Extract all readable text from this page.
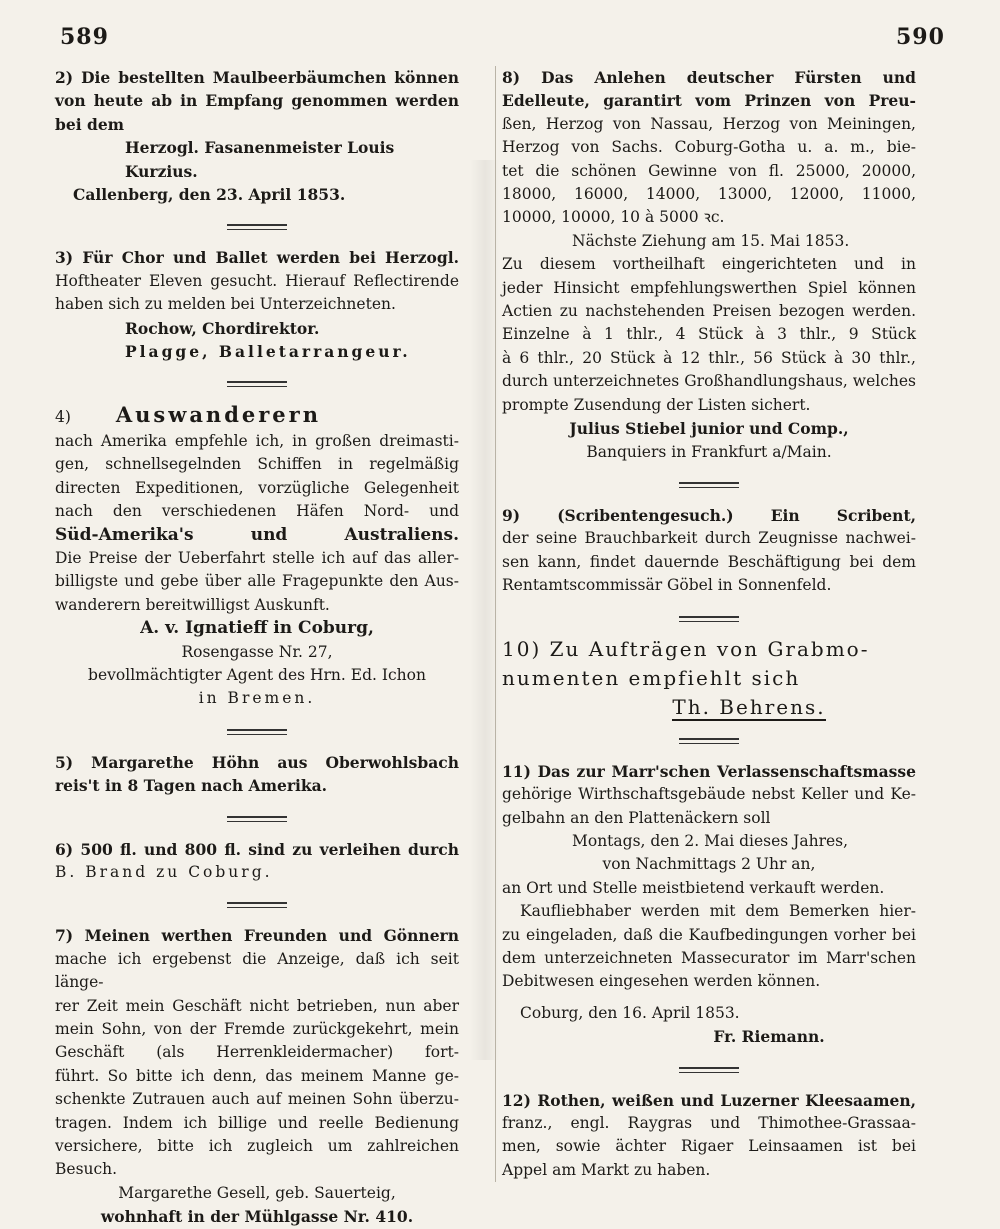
589	590
2) Die bestellten Maulbeerbäumchen können
von heute ab in Empfang genommen werden
bei dem
Herzogl. Fasanenmeister Louis Kurzius.
Callenberg, den 23. April 1853.
3) Für Chor und Ballet werden bei Herzogl.
Hoftheater Eleven gesucht. Hierauf Reflectirende
haben sich zu melden bei Unterzeichneten.
Rochow, Chordirektor.
Plagge, Balletarrangeur.
4) Auswanderern
nach Amerika empfehle ich, in großen dreimasti-
gen, schnellsegelnden Schiffen in regelmäßig
directen Expeditionen, vorzügliche Gelegenheit
nach den verschiedenen Häfen Nord- und
Süd-Amerika's und Australiens.
Die Preise der Ueberfahrt stelle ich auf das aller-
billigste und gebe über alle Fragepunkte den Aus-
wanderern bereitwilligst Auskunft.
A. v. Ignatieff in Coburg,
Rosengasse Nr. 27,
bevollmächtigter Agent des Hrn. Ed. Ichon
in Bremen.
5) Margarethe Höhn aus Oberwohlsbach
reis't in 8 Tagen nach Amerika.
6) 500 fl. und 800 fl. sind zu verleihen durch
B. Brand zu Coburg.
7) Meinen werthen Freunden und Gönnern
mache ich ergebenst die Anzeige, daß ich seit länge-
rer Zeit mein Geschäft nicht betrieben, nun aber
mein Sohn, von der Fremde zurückgekehrt, mein
Geschäft (als Herrenkleidermacher) fort-
führt. So bitte ich denn, das meinem Manne ge-
schenkte Zutrauen auch auf meinen Sohn überzu-
tragen. Indem ich billige und reelle Bedienung
versichere, bitte ich zugleich um zahlreichen Besuch.
Margarethe Gesell, geb. Sauerteig,
wohnhaft in der Mühlgasse Nr. 410.
8) Das Anlehen deutscher Fürsten und
Edelleute, garantirt vom Prinzen von Preu-
ßen, Herzog von Nassau, Herzog von Meiningen,
Herzog von Sachs. Coburg-Gotha u. a. m., bie-
tet die schönen Gewinne von fl. 25000, 20000,
18000, 16000, 14000, 13000, 12000, 11000,
10000, 10000, 10 à 5000 ꝛc.
Nächste Ziehung am 15. Mai 1853.
Zu diesem vortheilhaft eingerichteten und in
jeder Hinsicht empfehlungswerthen Spiel können
Actien zu nachstehenden Preisen bezogen werden.
Einzelne à 1 thlr., 4 Stück à 3 thlr., 9 Stück
à 6 thlr., 20 Stück à 12 thlr., 56 Stück à 30 thlr.,
durch unterzeichnetes Großhandlungshaus, welches
prompte Zusendung der Listen sichert.
Julius Stiebel junior und Comp.,
Banquiers in Frankfurt a/Main.
9) (Scribentengesuch.) Ein Scribent,
der seine Brauchbarkeit durch Zeugnisse nachwei-
sen kann, findet dauernde Beschäftigung bei dem
Rentamtscommissär Göbel in Sonnenfeld.
10) Zu Aufträgen von Grabmo-
numenten empfiehlt sich
Th. Behrens.
11) Das zur Marr'schen Verlassenschaftsmasse
gehörige Wirthschaftsgebäude nebst Keller und Ke-
gelbahn an den Plattenäckern soll
Montags, den 2. Mai dieses Jahres,
von Nachmittags 2 Uhr an,
an Ort und Stelle meistbietend verkauft werden.
Kaufliebhaber werden mit dem Bemerken hier-
zu eingeladen, daß die Kaufbedingungen vorher bei
dem unterzeichneten Massecurator im Marr'schen
Debitwesen eingesehen werden können.
Coburg, den 16. April 1853.
Fr. Riemann.
12) Rothen, weißen und Luzerner Kleesaamen,
franz., engl. Raygras und Thimothee-Grassaa-
men, sowie ächter Rigaer Leinsaamen ist bei
Appel am Markt zu haben.
